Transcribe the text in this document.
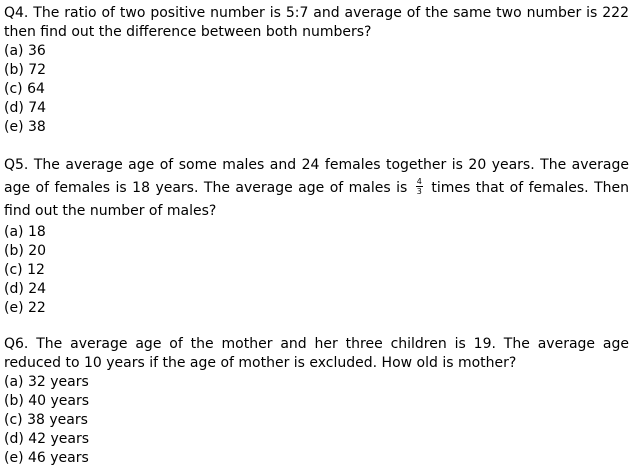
Q4. The ratio of two positive number is 5:7 and average of the same two number is 222 then find out the difference between both numbers?

(a) 36
(b) 72
(c) 64
(d) 74
(e) 38

Q5. The average age of some males and 24 females together is 20 years. The average age of females is 18 years. The average age of males is $\frac{4}{3}$ times that of females. Then find out the number of males?

(a) 18
(b) 20
(c) 12
(d) 24
(e) 22

Q6. The average age of the mother and her three children is 19. The average age reduced to 10 years if the age of mother is excluded. How old is mother?

(a) 32 years
(b) 40 years
(c) 38 years
(d) 42 years
(e) 46 years
